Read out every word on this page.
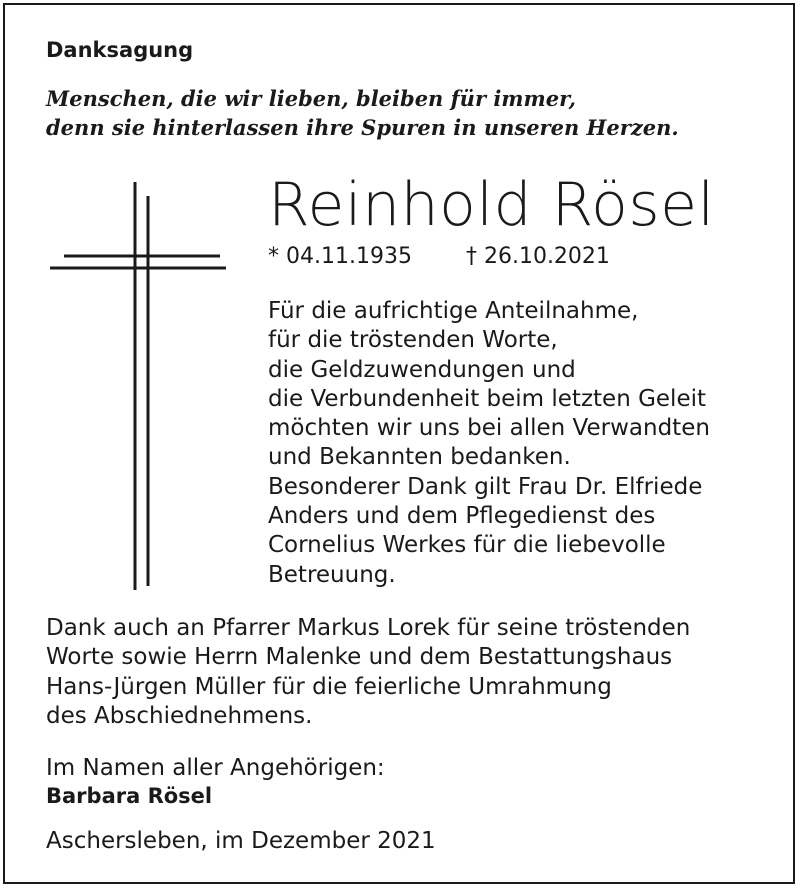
Danksagung
Menschen, die wir lieben, bleiben für immer,
denn sie hinterlassen ihre Spuren in unseren Herzen.
Reinhold Rösel
* 04.11.1935 † 26.10.2021
Für die aufrichtige Anteilnahme,
für die tröstenden Worte,
die Geldzuwendungen und
die Verbundenheit beim letzten Geleit
möchten wir uns bei allen Verwandten
und Bekannten bedanken.
Besonderer Dank gilt Frau Dr. Elfriede
Anders und dem Pflegedienst des
Cornelius Werkes für die liebevolle
Betreuung.
Dank auch an Pfarrer Markus Lorek für seine tröstenden
Worte sowie Herrn Malenke und dem Bestattungshaus
Hans-Jürgen Müller für die feierliche Umrahmung
des Abschiednehmens.
Im Namen aller Angehörigen:
Barbara Rösel
Aschersleben, im Dezember 2021
